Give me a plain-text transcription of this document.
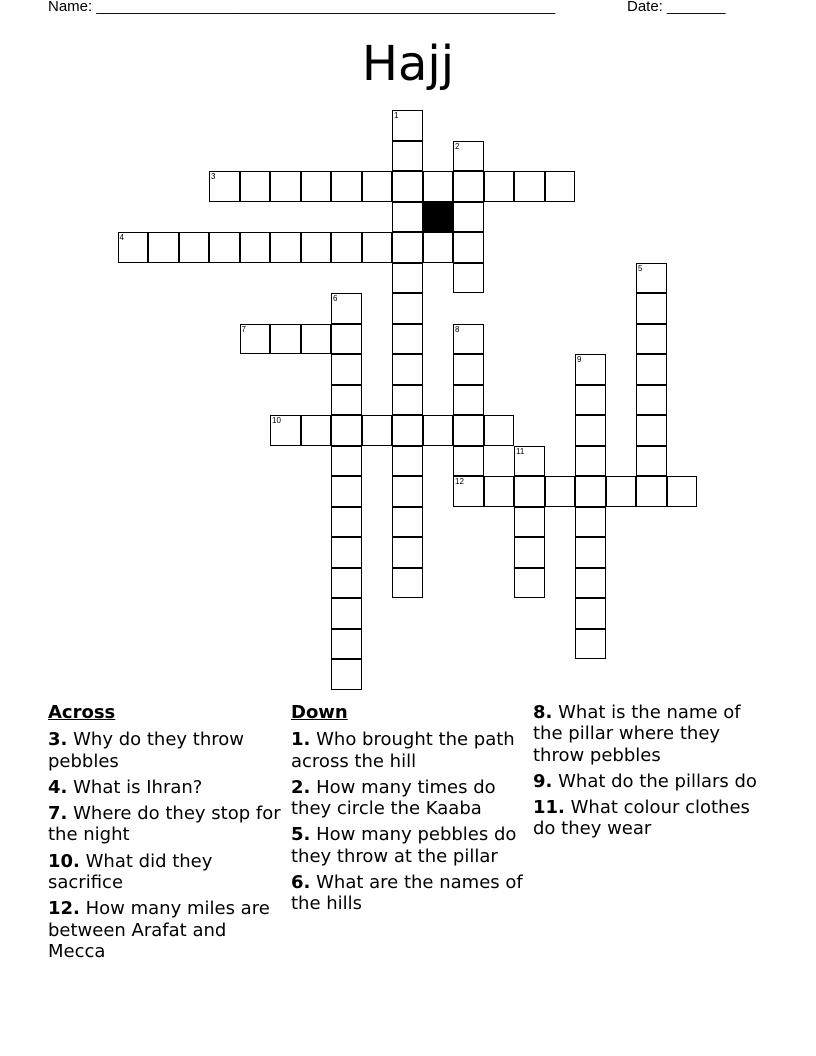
Name: _______________________________________________________	Date: _______
Hajj
1
2
3
4
5
6
7	8
12
9
10
11
Across
3. Why do they throw pebbles
4. What is Ihran?
7. Where do they stop for the night
10. What did they sacrifice
12. How many miles are between Arafat and Mecca
Down
1. Who brought the path across the hill
2. How many times do they circle the Kaaba
5. How many pebbles do they throw at the pillar
6. What are the names of the hills
8. What is the name of the pillar where they throw pebbles
9. What do the pillars do
11. What colour clothes do they wear
